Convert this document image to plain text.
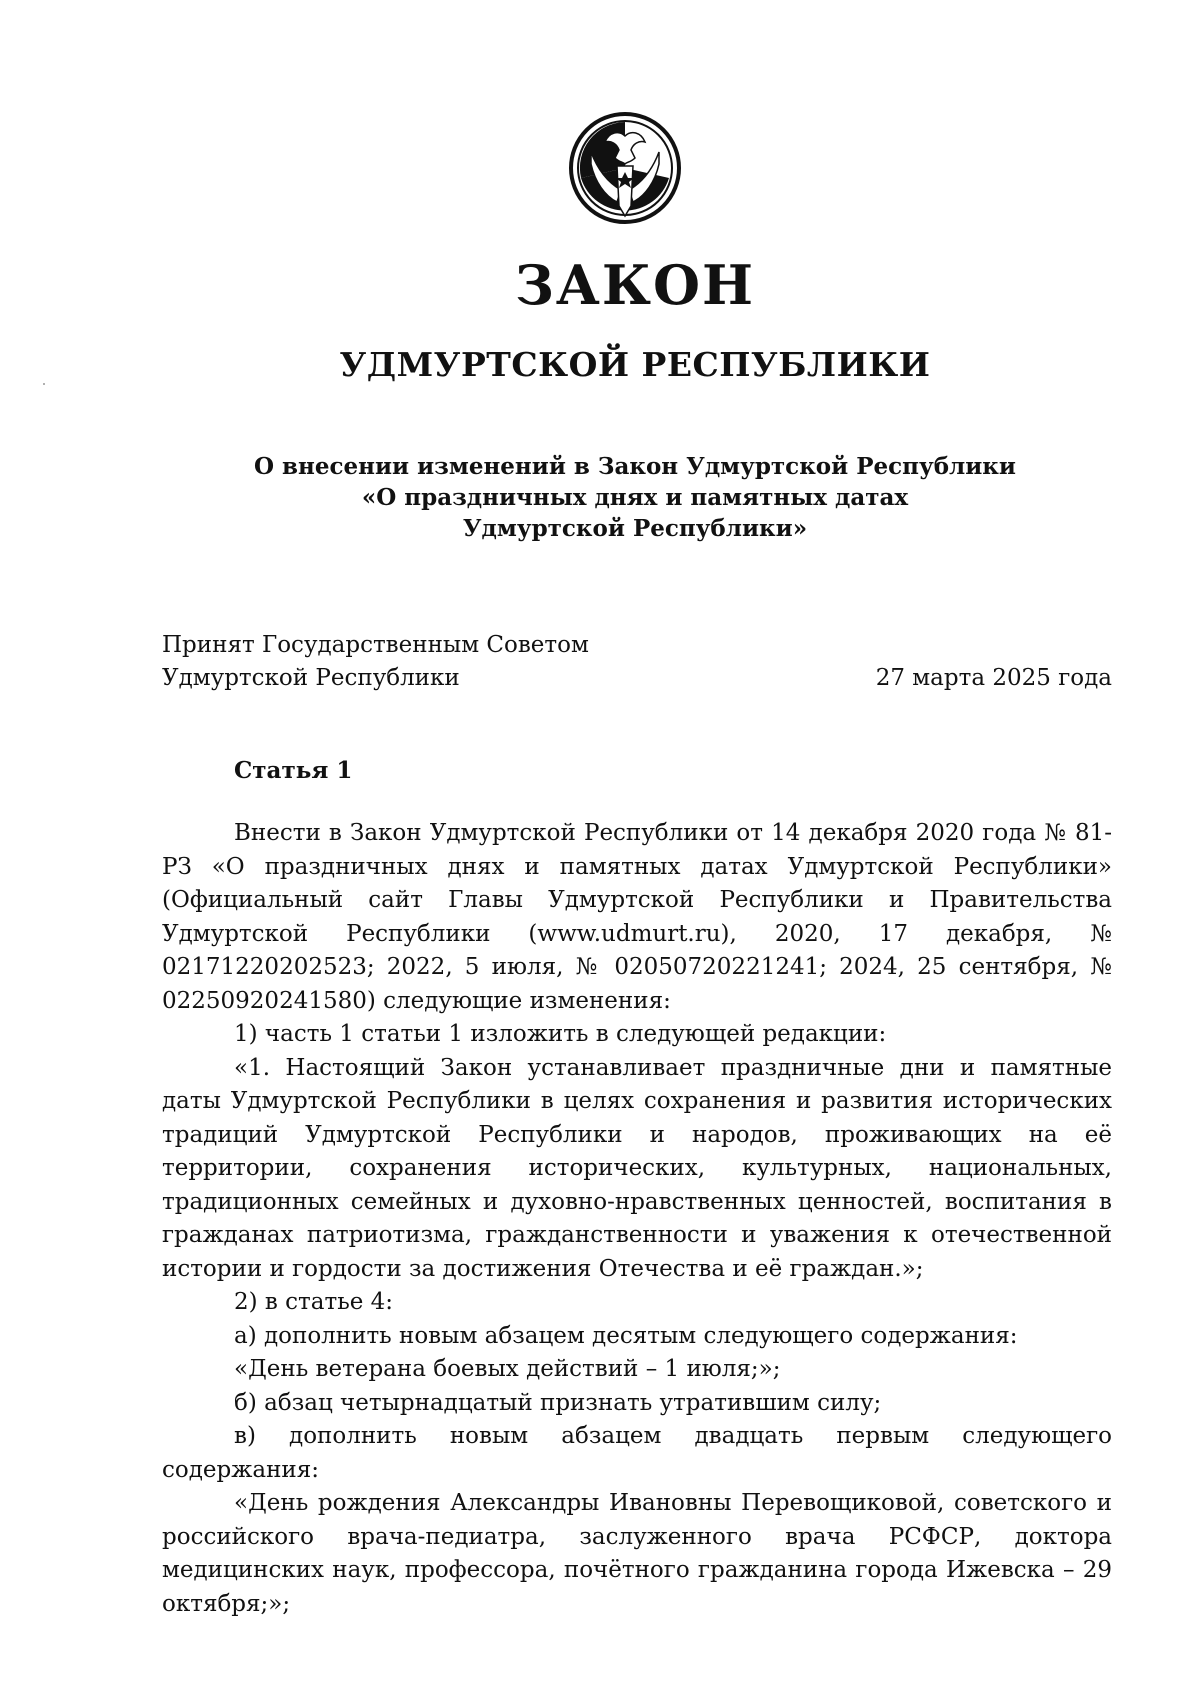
ЗАКОН
УДМУРТСКОЙ РЕСПУБЛИКИ
О внесении изменений в Закон Удмуртской Республики
«О праздничных днях и памятных датах
Удмуртской Республики»
Принят Государственным Советом
Удмуртской Республики	27 марта 2025 года
Статья 1

Внести в Закон Удмуртской Республики от 14 декабря 2020 года № 81-РЗ «О праздничных днях и памятных датах Удмуртской Республики» (Официальный сайт Главы Удмуртской Республики и Правительства Удмуртской Республики (www.udmurt.ru), 2020, 17 декабря, № 02171220202523; 2022, 5 июля, № 02050720221241; 2024, 25 сентября, № 02250920241580) следующие изменения:

1) часть 1 статьи 1 изложить в следующей редакции:

«1. Настоящий Закон устанавливает праздничные дни и памятные даты Удмуртской Республики в целях сохранения и развития исторических традиций Удмуртской Республики и народов, проживающих на её территории, сохранения исторических, культурных, национальных, традиционных семейных и духовно-нравственных ценностей, воспитания в гражданах патриотизма, гражданственности и уважения к отечественной истории и гордости за достижения Отечества и её граждан.»;

2) в статье 4:

а) дополнить новым абзацем десятым следующего содержания:

«День ветерана боевых действий – 1 июля;»;

б) абзац четырнадцатый признать утратившим силу;

в) дополнить новым абзацем двадцать первым следующего содержания:

«День рождения Александры Ивановны Перевощиковой, советского и российского врача-педиатра, заслуженного врача РСФСР, доктора медицинских наук, профессора, почётного гражданина города Ижевска – 29 октября;»;
